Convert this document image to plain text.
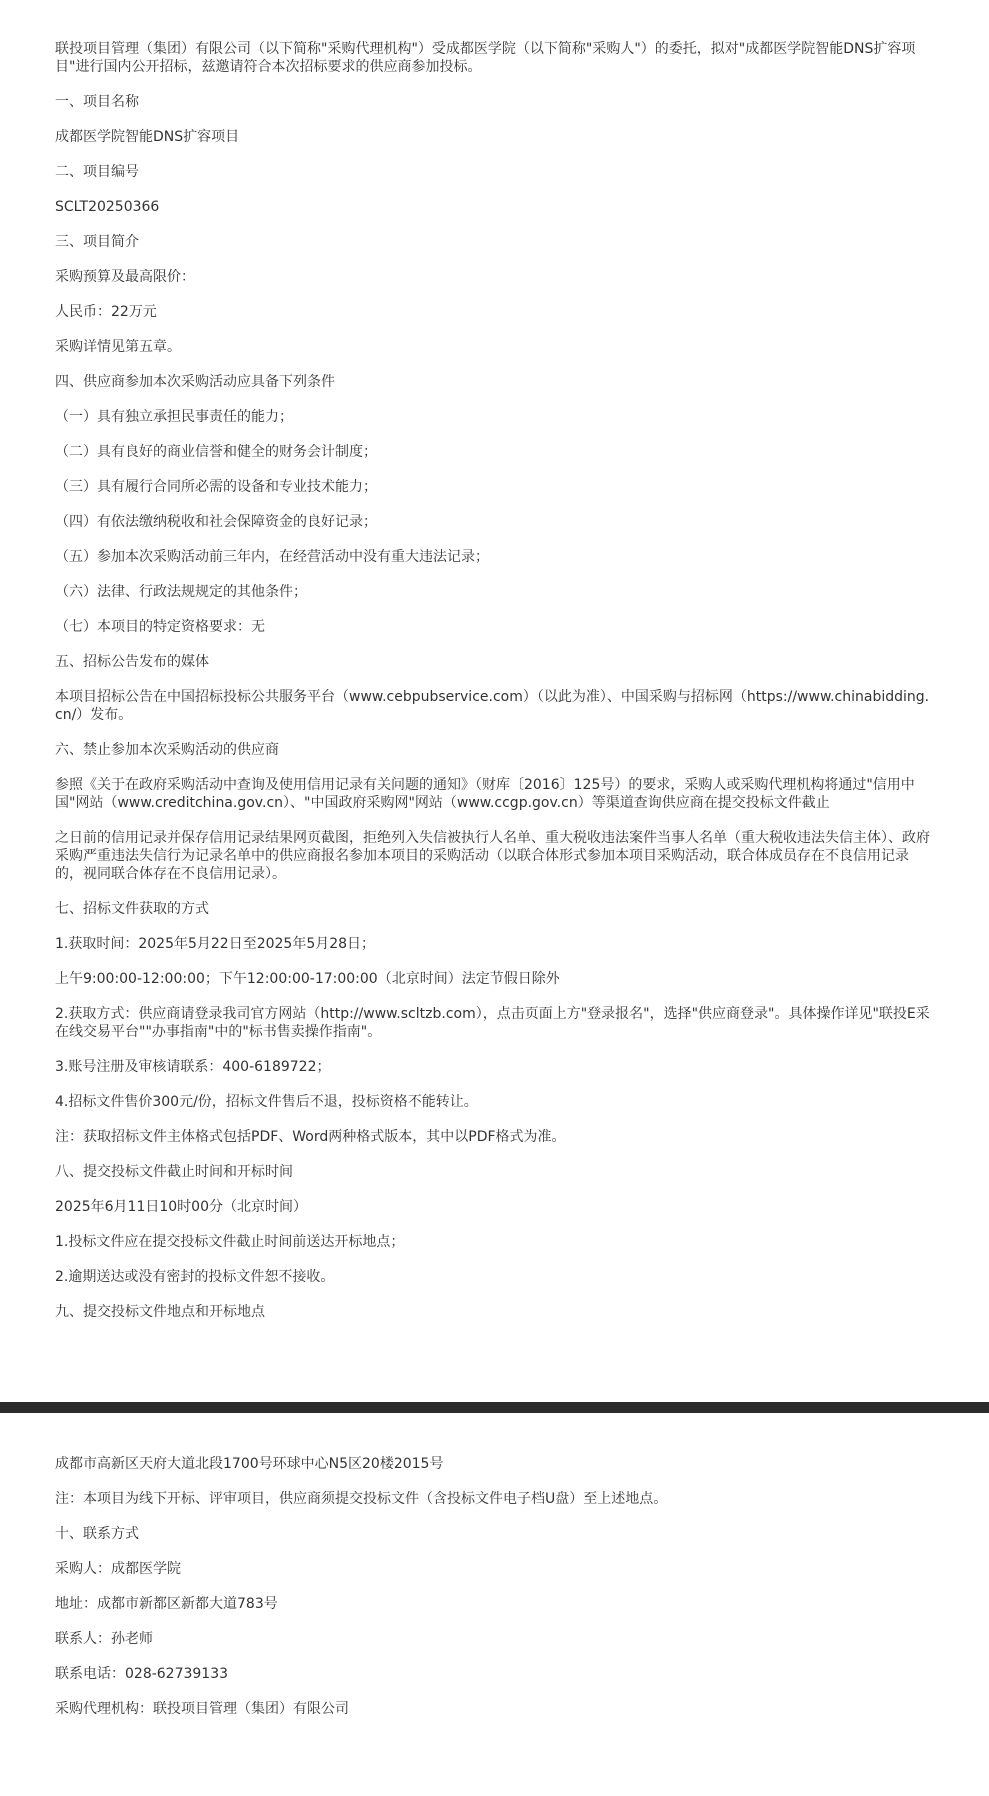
联投项目管理（集团）有限公司（以下简称"采购代理机构"）受成都医学院（以下简称"采购人"）的委托，拟对"成都医学院智能DNS扩容项目"进行国内公开招标，兹邀请符合本次招标要求的供应商参加投标。

一、项目名称

成都医学院智能DNS扩容项目

二、项目编号

SCLT20250366

三、项目简介

采购预算及最高限价：

人民币：22万元

采购详情见第五章。

四、供应商参加本次采购活动应具备下列条件

（一）具有独立承担民事责任的能力；

（二）具有良好的商业信誉和健全的财务会计制度；

（三）具有履行合同所必需的设备和专业技术能力；

（四）有依法缴纳税收和社会保障资金的良好记录；

（五）参加本次采购活动前三年内，在经营活动中没有重大违法记录；

（六）法律、行政法规规定的其他条件；

（七）本项目的特定资格要求：无

五、招标公告发布的媒体

本项目招标公告在中国招标投标公共服务平台（www.cebpubservice.com）（以此为准）、中国采购与招标网（https://www.chinabidding.cn/）发布。

六、禁止参加本次采购活动的供应商

参照《关于在政府采购活动中查询及使用信用记录有关问题的通知》（财库〔2016〕125号）的要求，采购人或采购代理机构将通过"信用中国"网站（www.creditchina.gov.cn）、"中国政府采购网"网站（www.ccgp.gov.cn）等渠道查询供应商在提交投标文件截止

之日前的信用记录并保存信用记录结果网页截图，拒绝列入失信被执行人名单、重大税收违法案件当事人名单（重大税收违法失信主体）、政府采购严重违法失信行为记录名单中的供应商报名参加本项目的采购活动（以联合体形式参加本项目采购活动，联合体成员存在不良信用记录的，视同联合体存在不良信用记录）。

七、招标文件获取的方式

1.获取时间：2025年5月22日至2025年5月28日；

上午9:00:00-12:00:00；下午12:00:00-17:00:00（北京时间）法定节假日除外

2.获取方式：供应商请登录我司官方网站（http://www.scltzb.com），点击页面上方"登录报名"，选择"供应商登录"。具体操作详见"联投E采在线交易平台""办事指南"中的"标书售卖操作指南"。

3.账号注册及审核请联系：400-6189722；

4.招标文件售价300元/份，招标文件售后不退，投标资格不能转让。

注：获取招标文件主体格式包括PDF、Word两种格式版本，其中以PDF格式为准。

八、提交投标文件截止时间和开标时间

2025年6月11日10时00分（北京时间）

1.投标文件应在提交投标文件截止时间前送达开标地点；

2.逾期送达或没有密封的投标文件恕不接收。

九、提交投标文件地点和开标地点

成都市高新区天府大道北段1700号环球中心N5区20楼2015号

注：本项目为线下开标、评审项目，供应商须提交投标文件（含投标文件电子档U盘）至上述地点。

十、联系方式

采购人：成都医学院

地址：成都市新都区新都大道783号

联系人：孙老师

联系电话：028-62739133

采购代理机构：联投项目管理（集团）有限公司
